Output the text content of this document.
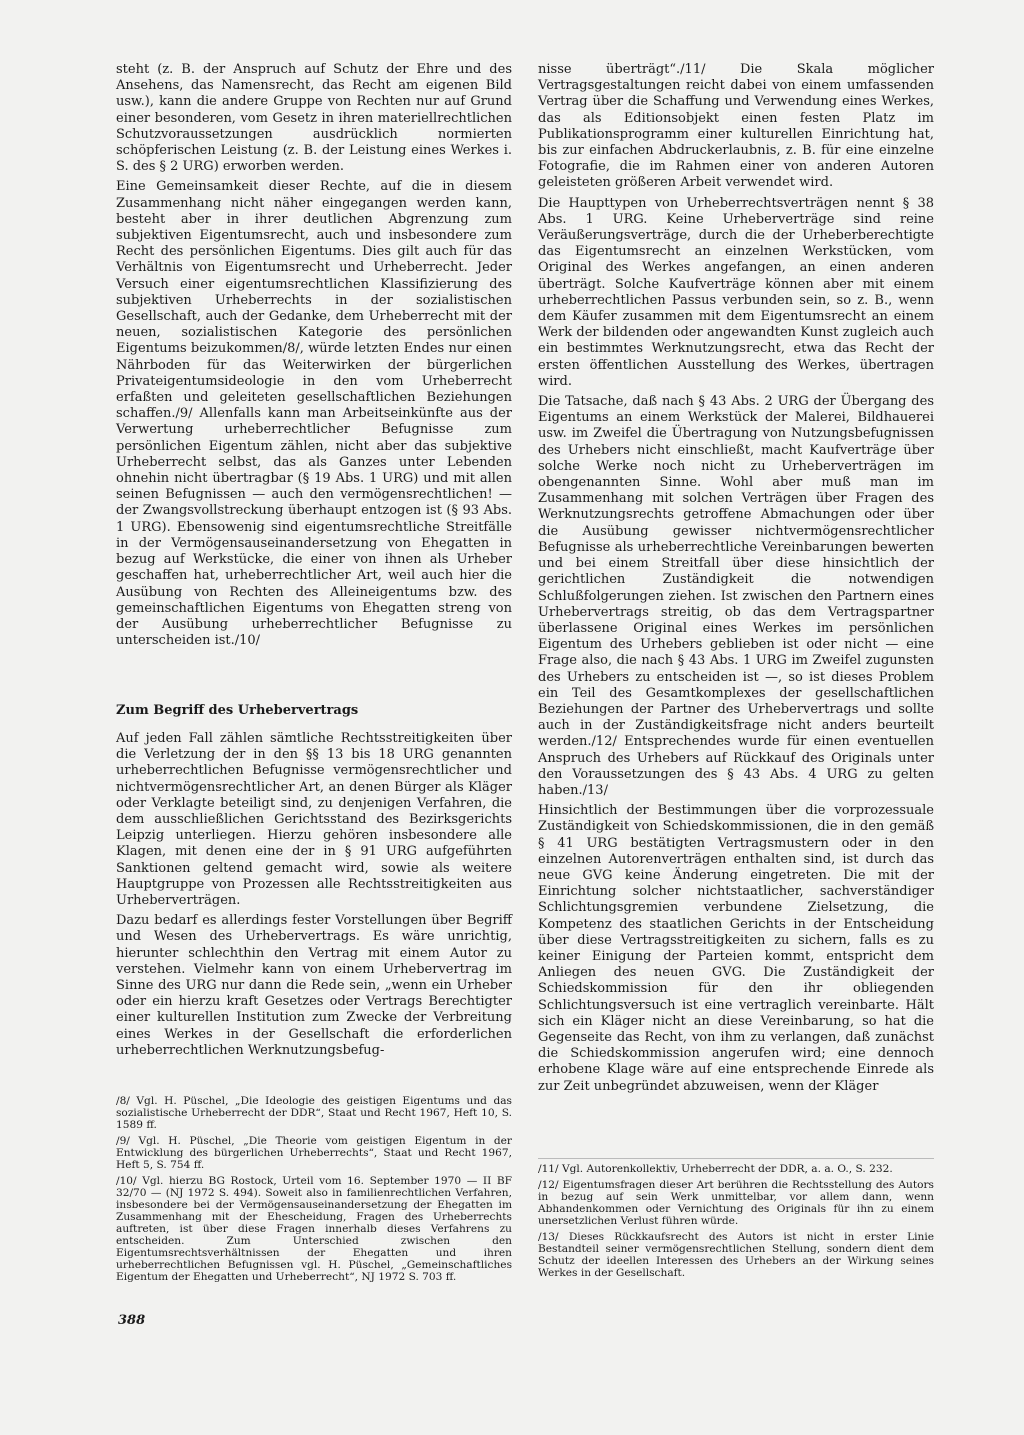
steht (z. B. der Anspruch auf Schutz der Ehre und des Ansehens, das Namensrecht, das Recht am eigenen Bild usw.), kann die andere Gruppe von Rechten nur auf Grund einer besonderen, vom Gesetz in ihren materiellrechtlichen Schutzvoraussetzungen ausdrücklich normierten schöpferischen Leistung (z. B. der Leistung eines Werkes i. S. des § 2 URG) erworben werden.

Eine Gemeinsamkeit dieser Rechte, auf die in diesem Zusammenhang nicht näher eingegangen werden kann, besteht aber in ihrer deutlichen Abgrenzung zum subjektiven Eigentumsrecht, auch und insbesondere zum Recht des persönlichen Eigentums. Dies gilt auch für das Verhältnis von Eigentumsrecht und Urheberrecht. Jeder Versuch einer eigentumsrechtlichen Klassifizierung des subjektiven Urheberrechts in der sozialistischen Gesellschaft, auch der Gedanke, dem Urheberrecht mit der neuen, sozialistischen Kategorie des persönlichen Eigentums beizukommen/8/, würde letzten Endes nur einen Nährboden für das Weiterwirken der bürgerlichen Privateigentumsideologie in den vom Urheberrecht erfaßten und geleiteten gesellschaftlichen Beziehungen schaffen./9/ Allenfalls kann man Arbeitseinkünfte aus der Verwertung urheberrechtlicher Befugnisse zum persönlichen Eigentum zählen, nicht aber das subjektive Urheberrecht selbst, das als Ganzes unter Lebenden ohnehin nicht übertragbar (§ 19 Abs. 1 URG) und mit allen seinen Befugnissen — auch den vermögensrechtlichen! — der Zwangsvollstreckung überhaupt entzogen ist (§ 93 Abs. 1 URG). Ebensowenig sind eigentumsrechtliche Streitfälle in der Vermögensauseinandersetzung von Ehegatten in bezug auf Werkstücke, die einer von ihnen als Urheber geschaffen hat, urheberrechtlicher Art, weil auch hier die Ausübung von Rechten des Alleineigentums bzw. des gemeinschaftlichen Eigentums von Ehegatten streng von der Ausübung urheberrechtlicher Befugnisse zu unterscheiden ist./10/

Zum Begriff des Urhebervertrags

Auf jeden Fall zählen sämtliche Rechtsstreitigkeiten über die Verletzung der in den §§ 13 bis 18 URG genannten urheberrechtlichen Befugnisse vermögensrechtlicher und nichtvermögensrechtlicher Art, an denen Bürger als Kläger oder Verklagte beteiligt sind, zu denjenigen Verfahren, die dem ausschließlichen Gerichtsstand des Bezirksgerichts Leipzig unterliegen. Hierzu gehören insbesondere alle Klagen, mit denen eine der in § 91 URG aufgeführten Sanktionen geltend gemacht wird, sowie als weitere Hauptgruppe von Prozessen alle Rechtsstreitigkeiten aus Urheberverträgen.

Dazu bedarf es allerdings fester Vorstellungen über Begriff und Wesen des Urhebervertrags. Es wäre unrichtig, hierunter schlechthin den Vertrag mit einem Autor zu verstehen. Vielmehr kann von einem Urhebervertrag im Sinne des URG nur dann die Rede sein, „wenn ein Urheber oder ein hierzu kraft Gesetzes oder Vertrags Berechtigter einer kulturellen Institution zum Zwecke der Verbreitung eines Werkes in der Gesellschaft die erforderlichen urheberrechtlichen Werknutzungsbefug-

/8/ Vgl. H. Püschel, „Die Ideologie des geistigen Eigentums und das sozialistische Urheberrecht der DDR“, Staat und Recht 1967, Heft 10, S. 1589 ff.

/9/ Vgl. H. Püschel, „Die Theorie vom geistigen Eigentum in der Entwicklung des bürgerlichen Urheberrechts“, Staat und Recht 1967, Heft 5, S. 754 ff.

/10/ Vgl. hierzu BG Rostock, Urteil vom 16. September 1970 — II BF 32/70 — (NJ 1972 S. 494). Soweit also in familienrechtlichen Verfahren, insbesondere bei der Vermögensauseinandersetzung der Ehegatten im Zusammenhang mit der Ehescheidung, Fragen des Urheberrechts auftreten, ist über diese Fragen innerhalb dieses Verfahrens zu entscheiden. Zum Unterschied zwischen den Eigentumsrechtsverhältnissen der Ehegatten und ihren urheberrechtlichen Befugnissen vgl. H. Püschel, „Gemeinschaftliches Eigentum der Ehegatten und Urheberrecht“, NJ 1972 S. 703 ff.

nisse überträgt“./11/ Die Skala möglicher Vertragsgestaltungen reicht dabei von einem umfassenden Vertrag über die Schaffung und Verwendung eines Werkes, das als Editionsobjekt einen festen Platz im Publikationsprogramm einer kulturellen Einrichtung hat, bis zur einfachen Abdruckerlaubnis, z. B. für eine einzelne Fotografie, die im Rahmen einer von anderen Autoren geleisteten größeren Arbeit verwendet wird.

Die Haupttypen von Urheberrechtsverträgen nennt § 38 Abs. 1 URG. Keine Urheberverträge sind reine Veräußerungsverträge, durch die der Urheberberechtigte das Eigentumsrecht an einzelnen Werkstücken, vom Original des Werkes angefangen, an einen anderen überträgt. Solche Kaufverträge können aber mit einem urheberrechtlichen Passus verbunden sein, so z. B., wenn dem Käufer zusammen mit dem Eigentumsrecht an einem Werk der bildenden oder angewandten Kunst zugleich auch ein bestimmtes Werknutzungsrecht, etwa das Recht der ersten öffentlichen Ausstellung des Werkes, übertragen wird.

Die Tatsache, daß nach § 43 Abs. 2 URG der Übergang des Eigentums an einem Werkstück der Malerei, Bildhauerei usw. im Zweifel die Übertragung von Nutzungsbefugnissen des Urhebers nicht einschließt, macht Kaufverträge über solche Werke noch nicht zu Urheberverträgen im obengenannten Sinne. Wohl aber muß man im Zusammenhang mit solchen Verträgen über Fragen des Werknutzungsrechts getroffene Abmachungen oder über die Ausübung gewisser nichtvermögensrechtlicher Befugnisse als urheberrechtliche Vereinbarungen bewerten und bei einem Streitfall über diese hinsichtlich der gerichtlichen Zuständigkeit die notwendigen Schlußfolgerungen ziehen. Ist zwischen den Partnern eines Urhebervertrags streitig, ob das dem Vertragspartner überlassene Original eines Werkes im persönlichen Eigentum des Urhebers geblieben ist oder nicht — eine Frage also, die nach § 43 Abs. 1 URG im Zweifel zugunsten des Urhebers zu entscheiden ist —, so ist dieses Problem ein Teil des Gesamtkomplexes der gesellschaftlichen Beziehungen der Partner des Urhebervertrags und sollte auch in der Zuständigkeitsfrage nicht anders beurteilt werden./12/ Entsprechendes wurde für einen eventuellen Anspruch des Urhebers auf Rückkauf des Originals unter den Voraussetzungen des § 43 Abs. 4 URG zu gelten haben./13/

Hinsichtlich der Bestimmungen über die vorprozessuale Zuständigkeit von Schiedskommissionen, die in den gemäß § 41 URG bestätigten Vertragsmustern oder in den einzelnen Autorenverträgen enthalten sind, ist durch das neue GVG keine Änderung eingetreten. Die mit der Einrichtung solcher nichtstaatlicher, sachverständiger Schlichtungsgremien verbundene Zielsetzung, die Kompetenz des staatlichen Gerichts in der Entscheidung über diese Vertragsstreitigkeiten zu sichern, falls es zu keiner Einigung der Parteien kommt, entspricht dem Anliegen des neuen GVG. Die Zuständigkeit der Schiedskommission für den ihr obliegenden Schlichtungsversuch ist eine vertraglich vereinbarte. Hält sich ein Kläger nicht an diese Vereinbarung, so hat die Gegenseite das Recht, von ihm zu verlangen, daß zunächst die Schiedskommission angerufen wird; eine dennoch erhobene Klage wäre auf eine entsprechende Einrede als zur Zeit unbegründet abzuweisen, wenn der Kläger

/11/ Vgl. Autorenkollektiv, Urheberrecht der DDR, a. a. O., S. 232.

/12/ Eigentumsfragen dieser Art berühren die Rechtsstellung des Autors in bezug auf sein Werk unmittelbar, vor allem dann, wenn Abhandenkommen oder Vernichtung des Originals für ihn zu einem unersetzlichen Verlust führen würde.

/13/ Dieses Rückkaufsrecht des Autors ist nicht in erster Linie Bestandteil seiner vermögensrechtlichen Stellung, sondern dient dem Schutz der ideellen Interessen des Urhebers an der Wirkung seines Werkes in der Gesellschaft.

388
